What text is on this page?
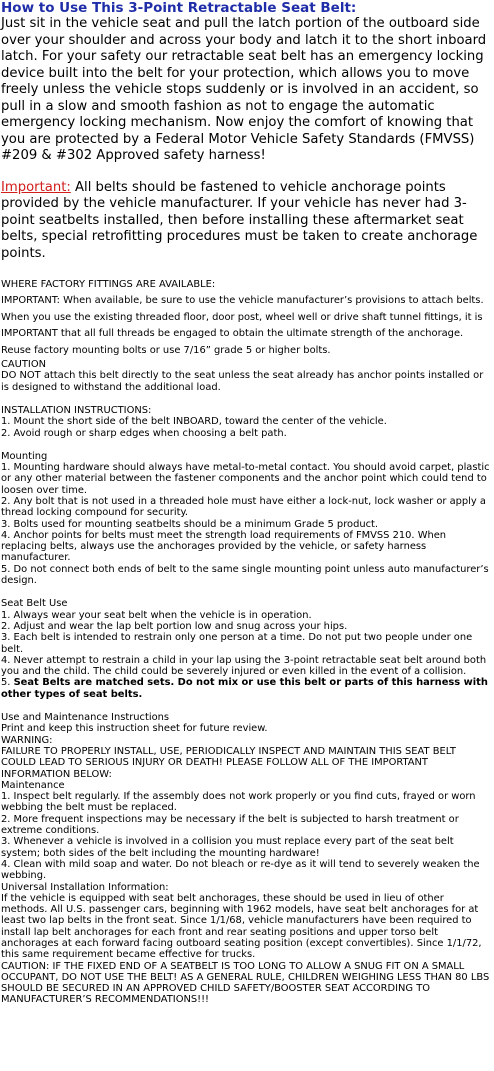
How to Use This 3-Point Retractable Seat Belt:

Just sit in the vehicle seat and pull the latch portion of the outboard side over your shoulder and across your body and latch it to the short inboard latch. For your safety our retractable seat belt has an emergency locking device built into the belt for your protection, which allows you to move freely unless the vehicle stops suddenly or is involved in an accident, so pull in a slow and smooth fashion as not to engage the automatic emergency locking mechanism. Now enjoy the comfort of knowing that you are protected by a Federal Motor Vehicle Safety Standards (FMVSS) #209 & #302 Approved safety harness!

Important: All belts should be fastened to vehicle anchorage points provided by the vehicle manufacturer. If your vehicle has never had 3-point seatbelts installed, then before installing these aftermarket seat belts, special retrofitting procedures must be taken to create anchorage points.

WHERE FACTORY FITTINGS ARE AVAILABLE:

IMPORTANT: When available, be sure to use the vehicle manufacturer’s provisions to attach belts. When you use the existing threaded floor, door post, wheel well or drive shaft tunnel fittings, it is IMPORTANT that all full threads be engaged to obtain the ultimate strength of the anchorage. Reuse factory mounting bolts or use 7/16” grade 5 or higher bolts.

CAUTION

DO NOT attach this belt directly to the seat unless the seat already has anchor points installed or is designed to withstand the additional load.

INSTALLATION INSTRUCTIONS:

1. Mount the short side of the belt INBOARD, toward the center of the vehicle.

2. Avoid rough or sharp edges when choosing a belt path.

Mounting

1. Mounting hardware should always have metal-to-metal contact. You should avoid carpet, plastic or any other material between the fastener components and the anchor point which could tend to loosen over time.

2. Any bolt that is not used in a threaded hole must have either a lock-nut, lock washer or apply a thread locking compound for security.

3. Bolts used for mounting seatbelts should be a minimum Grade 5 product.

4. Anchor points for belts must meet the strength load requirements of FMVSS 210. When replacing belts, always use the anchorages provided by the vehicle, or safety harness manufacturer.

5. Do not connect both ends of belt to the same single mounting point unless auto manufacturer’s design.

Seat Belt Use

1. Always wear your seat belt when the vehicle is in operation.

2. Adjust and wear the lap belt portion low and snug across your hips.

3. Each belt is intended to restrain only one person at a time. Do not put two people under one belt.

4. Never attempt to restrain a child in your lap using the 3-point retractable seat belt around both you and the child. The child could be severely injured or even killed in the event of a collision.

5. Seat Belts are matched sets. Do not mix or use this belt or parts of this harness with other types of seat belts.

Use and Maintenance Instructions

Print and keep this instruction sheet for future review.

WARNING:

FAILURE TO PROPERLY INSTALL, USE, PERIODICALLY INSPECT AND MAINTAIN THIS SEAT BELT COULD LEAD TO SERIOUS INJURY OR DEATH! PLEASE FOLLOW ALL OF THE IMPORTANT INFORMATION BELOW:

Maintenance

1. Inspect belt regularly. If the assembly does not work properly or you find cuts, frayed or worn webbing the belt must be replaced.

2. More frequent inspections may be necessary if the belt is subjected to harsh treatment or extreme conditions.

3. Whenever a vehicle is involved in a collision you must replace every part of the seat belt system; both sides of the belt including the mounting hardware!

4. Clean with mild soap and water. Do not bleach or re-dye as it will tend to severely weaken the webbing.

Universal Installation Information:

If the vehicle is equipped with seat belt anchorages, these should be used in lieu of other methods. All U.S. passenger cars, beginning with 1962 models, have seat belt anchorages for at least two lap belts in the front seat. Since 1/1/68, vehicle manufacturers have been required to install lap belt anchorages for each front and rear seating positions and upper torso belt anchorages at each forward facing outboard seating position (except convertibles). Since 1/1/72, this same requirement became effective for trucks.

CAUTION: IF THE FIXED END OF A SEATBELT IS TOO LONG TO ALLOW A SNUG FIT ON A SMALL OCCUPANT, DO NOT USE THE BELT! AS A GENERAL RULE, CHILDREN WEIGHING LESS THAN 80 LBS SHOULD BE SECURED IN AN APPROVED CHILD SAFETY/BOOSTER SEAT ACCORDING TO MANUFACTURER’S RECOMMENDATIONS!!!
